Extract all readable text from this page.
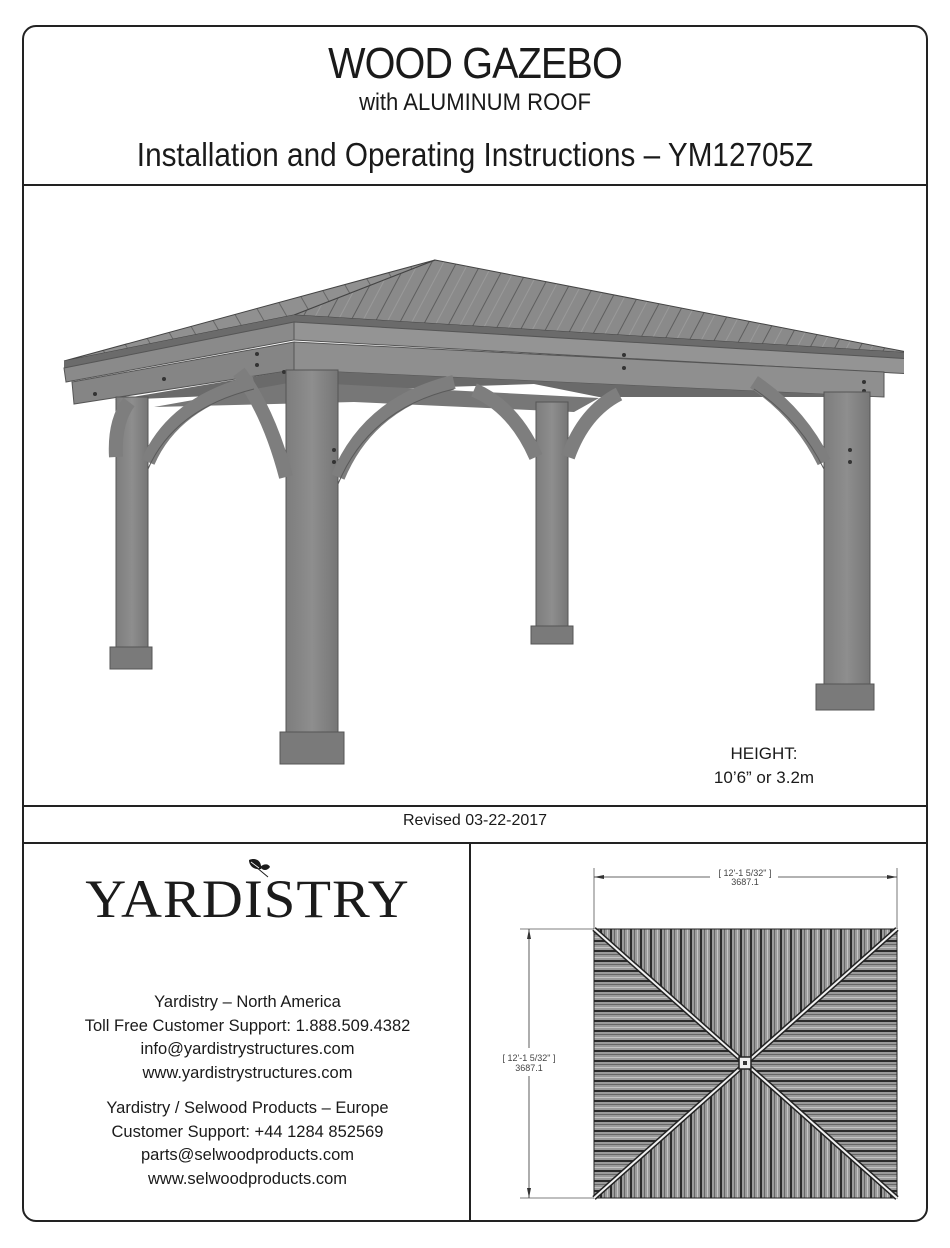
WOOD GAZEBO
with ALUMINUM ROOF
Installation and Operating Instructions – YM12705Z
HEIGHT:
10’6” or 3.2m
Revised 03-22-2017
YARDISTRY
Yardistry – North America
Toll Free Customer Support: 1.888.509.4382
info@yardistrystructures.com
www.yardistrystructures.com
Yardistry / Selwood Products – Europe
Customer Support: +44 1284 852569
parts@selwoodproducts.com
www.selwoodproducts.com
[ 12'-1 5/32" ]
3687.1
[ 12'-1 5/32" ]
3687.1
